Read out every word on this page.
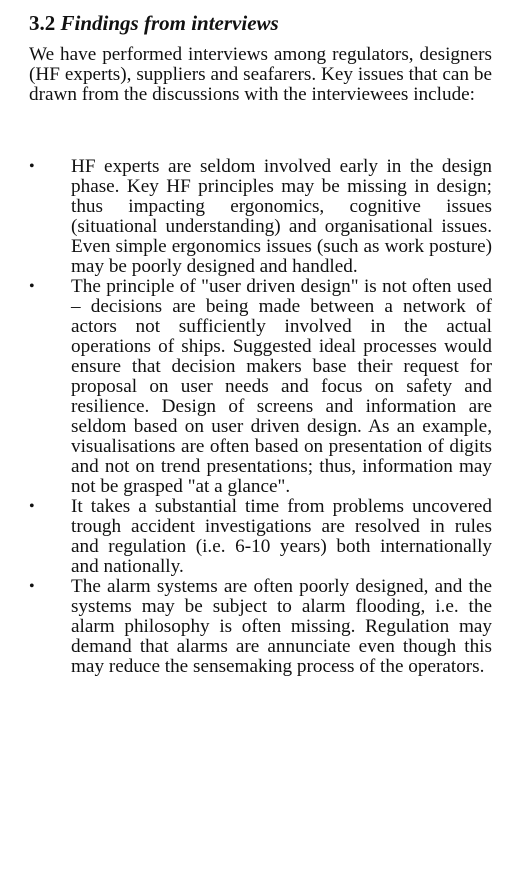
3.2 Findings from interviews

We have performed interviews among regulators, designers (HF experts), suppliers and seafarers. Key issues that can be drawn from the discussions with the interviewees include:

•	HF experts are seldom involved early in the design phase. Key HF principles may be missing in design; thus impacting ergonomics, cognitive issues (situational understanding) and organisational issues. Even simple ergonomics issues (such as work posture) may be poorly designed and handled.
•	The principle of "user driven design" is not often used – decisions are being made between a network of actors not sufficiently involved in the actual operations of ships. Suggested ideal processes would ensure that decision makers base their request for proposal on user needs and focus on safety and resilience. Design of screens and information are seldom based on user driven design. As an example, visualisations are often based on presentation of digits and not on trend presentations; thus, information may not be grasped "at a glance".
•	It takes a substantial time from problems uncovered trough accident investigations are resolved in rules and regulation (i.e. 6-10 years) both internationally and nationally.
•	The alarm systems are often poorly designed, and the systems may be subject to alarm flooding, i.e. the alarm philosophy is often missing. Regulation may demand that alarms are annunciate even though this may reduce the sensemaking process of the operators.
